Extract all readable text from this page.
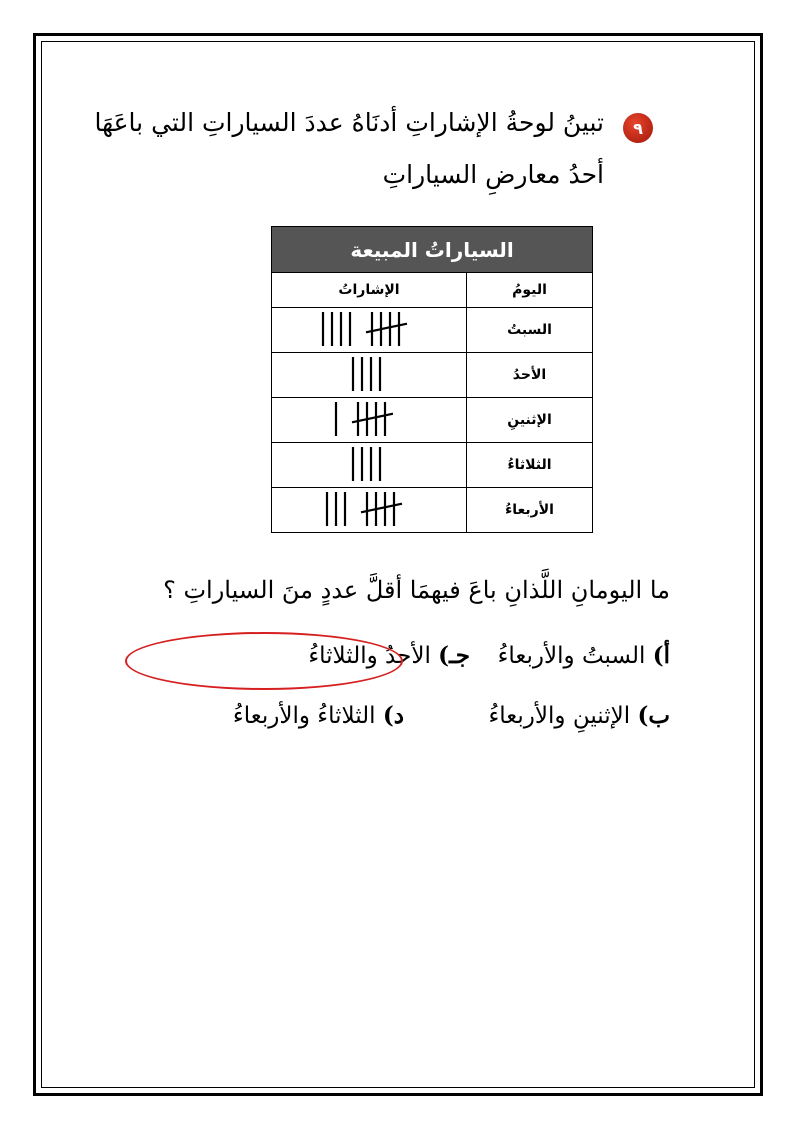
٩
تبينُ لوحةُ الإشاراتِ أدنَاهُ عددَ السياراتِ التي باعَهَا
أحدُ معارضِ السياراتِ
السياراتُ المبيعة	
اليومُ	الإشاراتُ
السبتُ	

الأحدُ	

الإثنينِ	

الثلاثاءُ	

الأربعاءُ	
ما اليومانِ اللَّذانِ باعَ فيهمَا أقلَّ عددٍ منَ السياراتِ ؟
أ) السبتُ والأربعاءُ
جـ) الأحدُ والثلاثاءُ
ب) الإثنينِ والأربعاءُ
د) الثلاثاءُ والأربعاءُ
